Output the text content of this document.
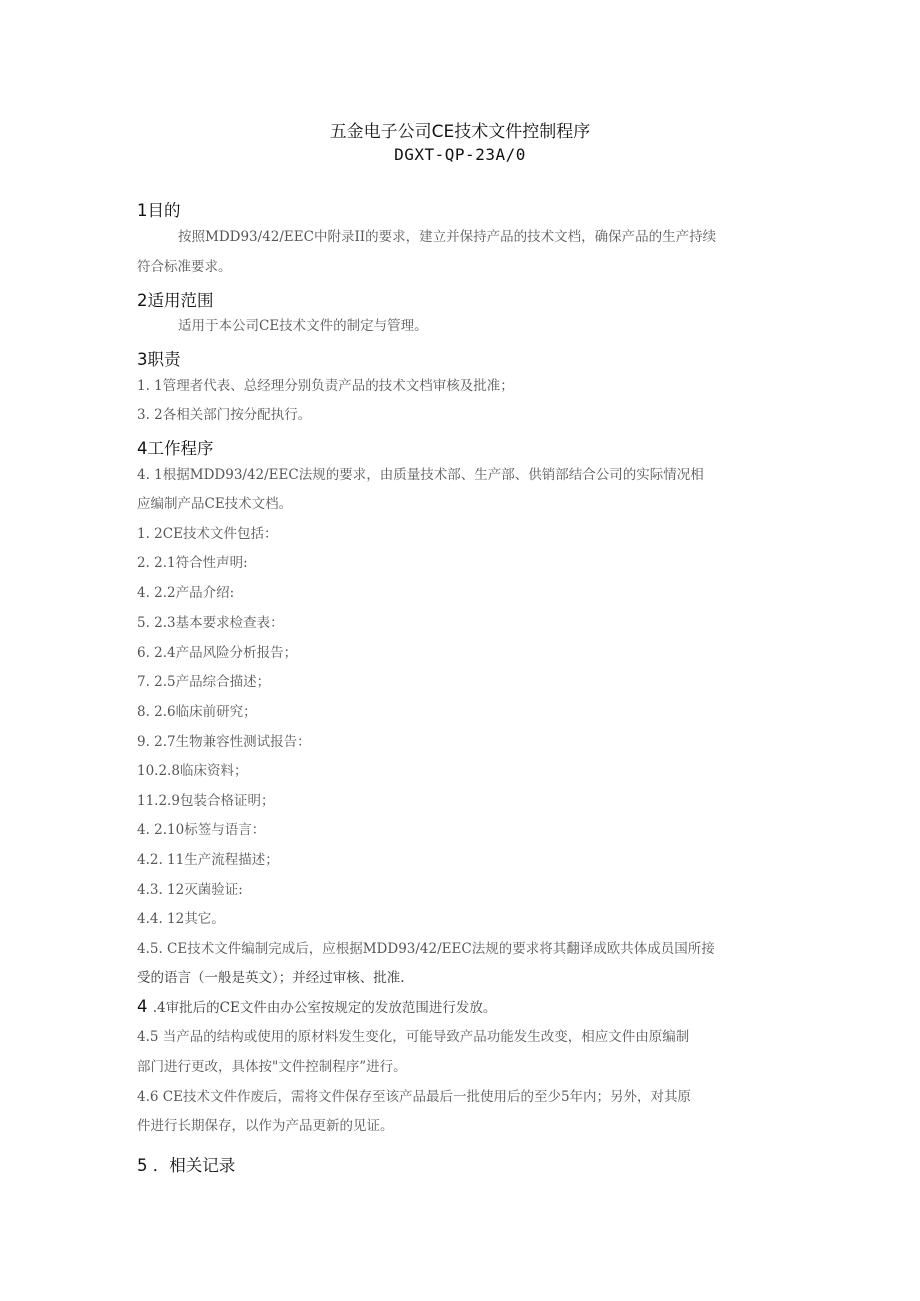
五金电子公司CE技术文件控制程序
DGXT-QP-23A/0
1目的
按照MDD93/42/EEC中附录II的要求，建立并保持产品的技术文档，确保产品的生产持续
符合标准要求。
2适用范围
适用于本公司CE技术文件的制定与管理。
3职责
1. 1管理者代表、总经理分别负责产品的技术文档审核及批准；
3. 2各相关部门按分配执行。
4工作程序
4. 1根据MDD93/42/EEC法规的要求，由质量技术部、生产部、供销部结合公司的实际情况相
应编制产品CE技术文档。
1. 2CE技术文件包括：
2. 2.1符合性声明:
4. 2.2产品介绍:
5. 2.3基本要求检查表：
6. 2.4产品风险分析报告；
7. 2.5产品综合描述；
8. 2.6临床前研究；
9. 2.7生物兼容性测试报告：
10.2.8临床资料；
11.2.9包装合格证明；
4. 2.10标签与语言：
4.2. 11生产流程描述；
4.3. 12灭菌验证:
4.4. 12其它。
4.5. CE技术文件编制完成后，应根据MDD93/42/EEC法规的要求将其翻译成欧共体成员国所接
受的语言（一般是英文）；并经过审核、批准.
4 .4审批后的CE文件由办公室按规定的发放范围进行发放。
4.5 当产品的结构或使用的原材料发生变化，可能导致产品功能发生改变，相应文件由原编制
部门进行更改，具体按"文件控制程序”进行。
4.6 CE技术文件作废后，需将文件保存至该产品最后一批使用后的至少5年内；另外，对其原
件进行长期保存，以作为产品更新的见证。
5 ．相关记录
